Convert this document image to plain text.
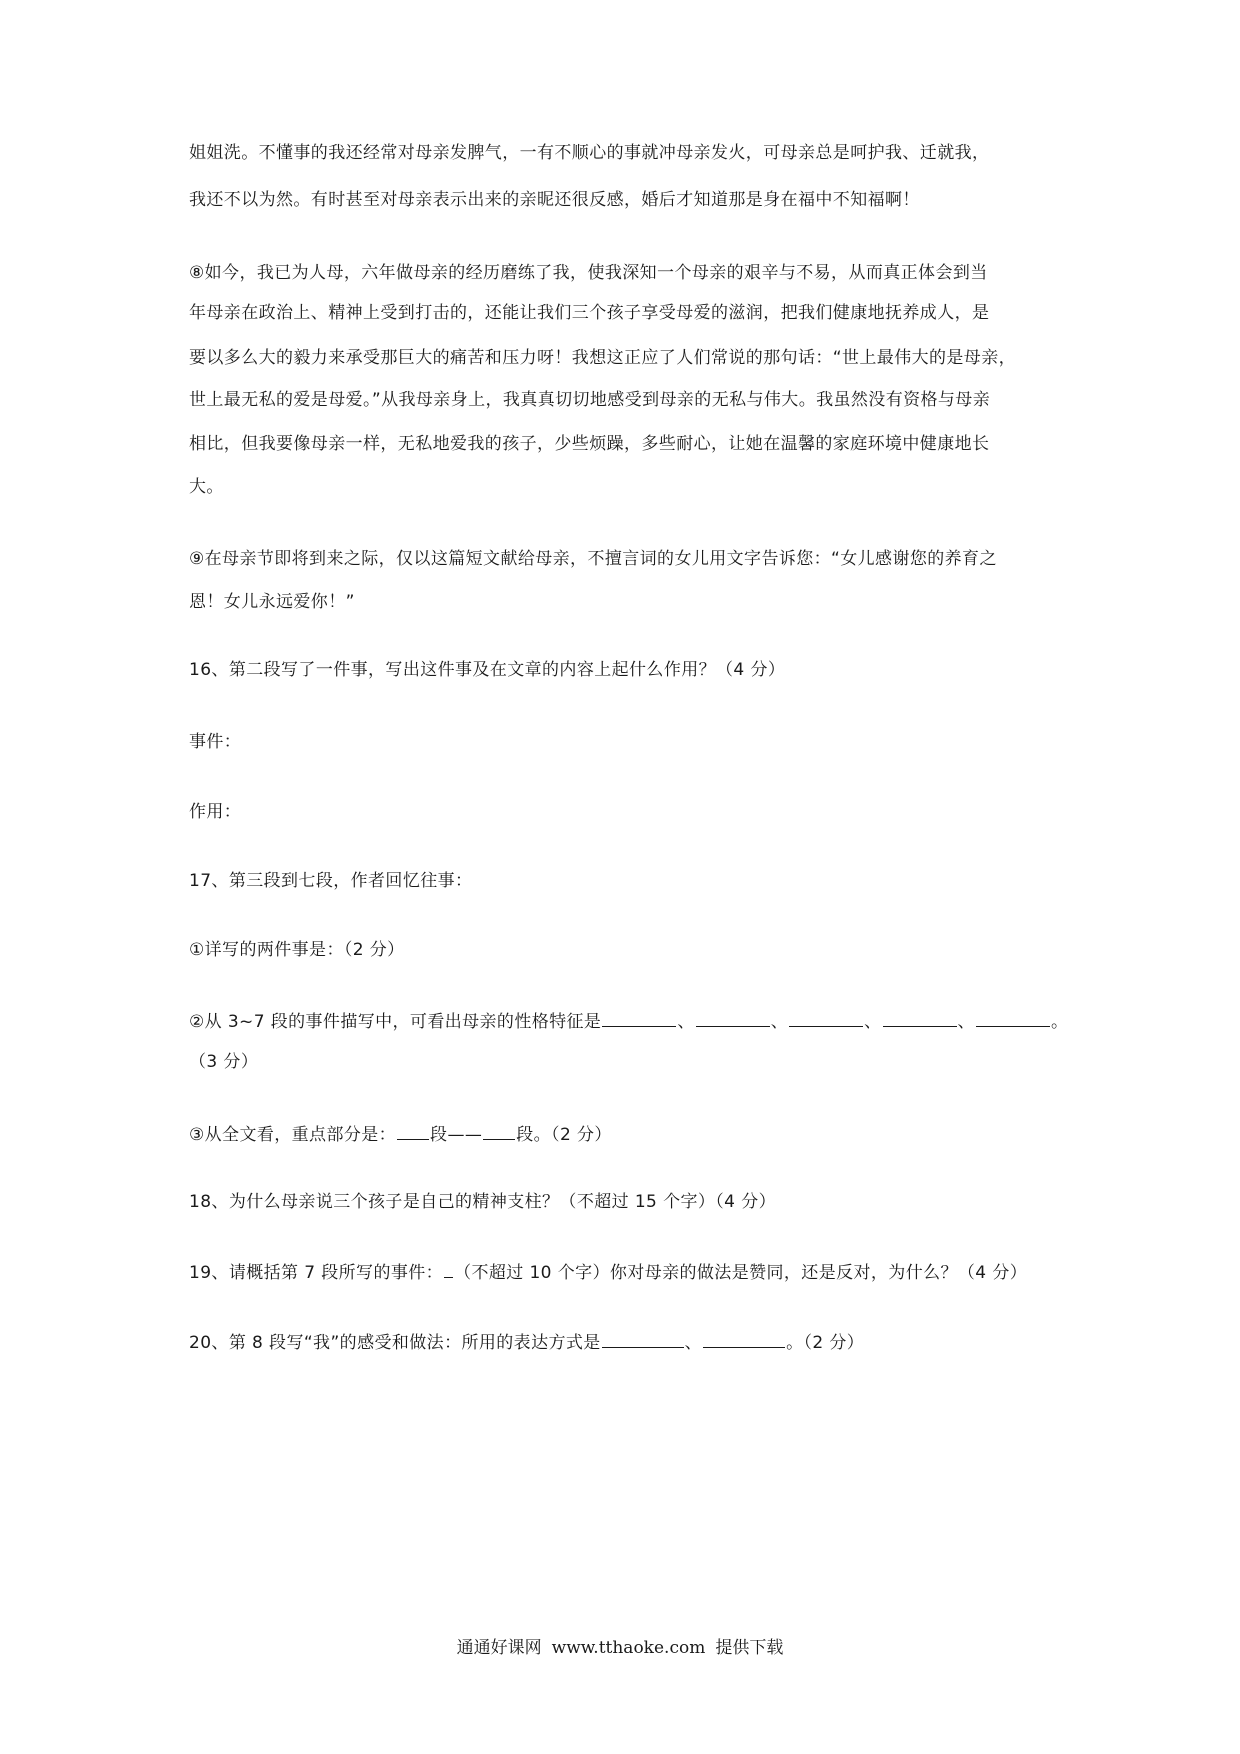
姐姐洗。不懂事的我还经常对母亲发脾气，一有不顺心的事就冲母亲发火，可母亲总是呵护我、迁就我，
我还不以为然。有时甚至对母亲表示出来的亲昵还很反感，婚后才知道那是身在福中不知福啊！
⑧如今，我已为人母，六年做母亲的经历磨练了我，使我深知一个母亲的艰辛与不易，从而真正体会到当
年母亲在政治上、精神上受到打击的，还能让我们三个孩子享受母爱的滋润，把我们健康地抚养成人，是
要以多么大的毅力来承受那巨大的痛苦和压力呀！我想这正应了人们常说的那句话：“世上最伟大的是母亲，
世上最无私的爱是母爱。”从我母亲身上，我真真切切地感受到母亲的无私与伟大。我虽然没有资格与母亲
相比，但我要像母亲一样，无私地爱我的孩子，少些烦躁，多些耐心，让她在温馨的家庭环境中健康地长
大。
⑨在母亲节即将到来之际，仅以这篇短文献给母亲，不擅言词的女儿用文字告诉您：“女儿感谢您的养育之
恩！女儿永远爱你！”
16、第二段写了一件事，写出这件事及在文章的内容上起什么作用？（4 分）
事件：
作用：
17、第三段到七段，作者回忆往事：
①详写的两件事是：（2 分）
②从 3~7 段的事件描写中，可看出母亲的性格特征是	、	、	、	、	。
（3 分）
③从全文看，重点部分是： 段—— 段。（2 分）
18、为什么母亲说三个孩子是自己的精神支柱？（不超过 15 个字）（4 分）
19、请概括第 7 段所写的事件： （不超过 10 个字）你对母亲的做法是赞同，还是反对，为什么？（4 分）
20、第 8 段写“我”的感受和做法：所用的表达方式是	、	。（2 分）
通通好课网 www.tthaoke.com 提供下载
